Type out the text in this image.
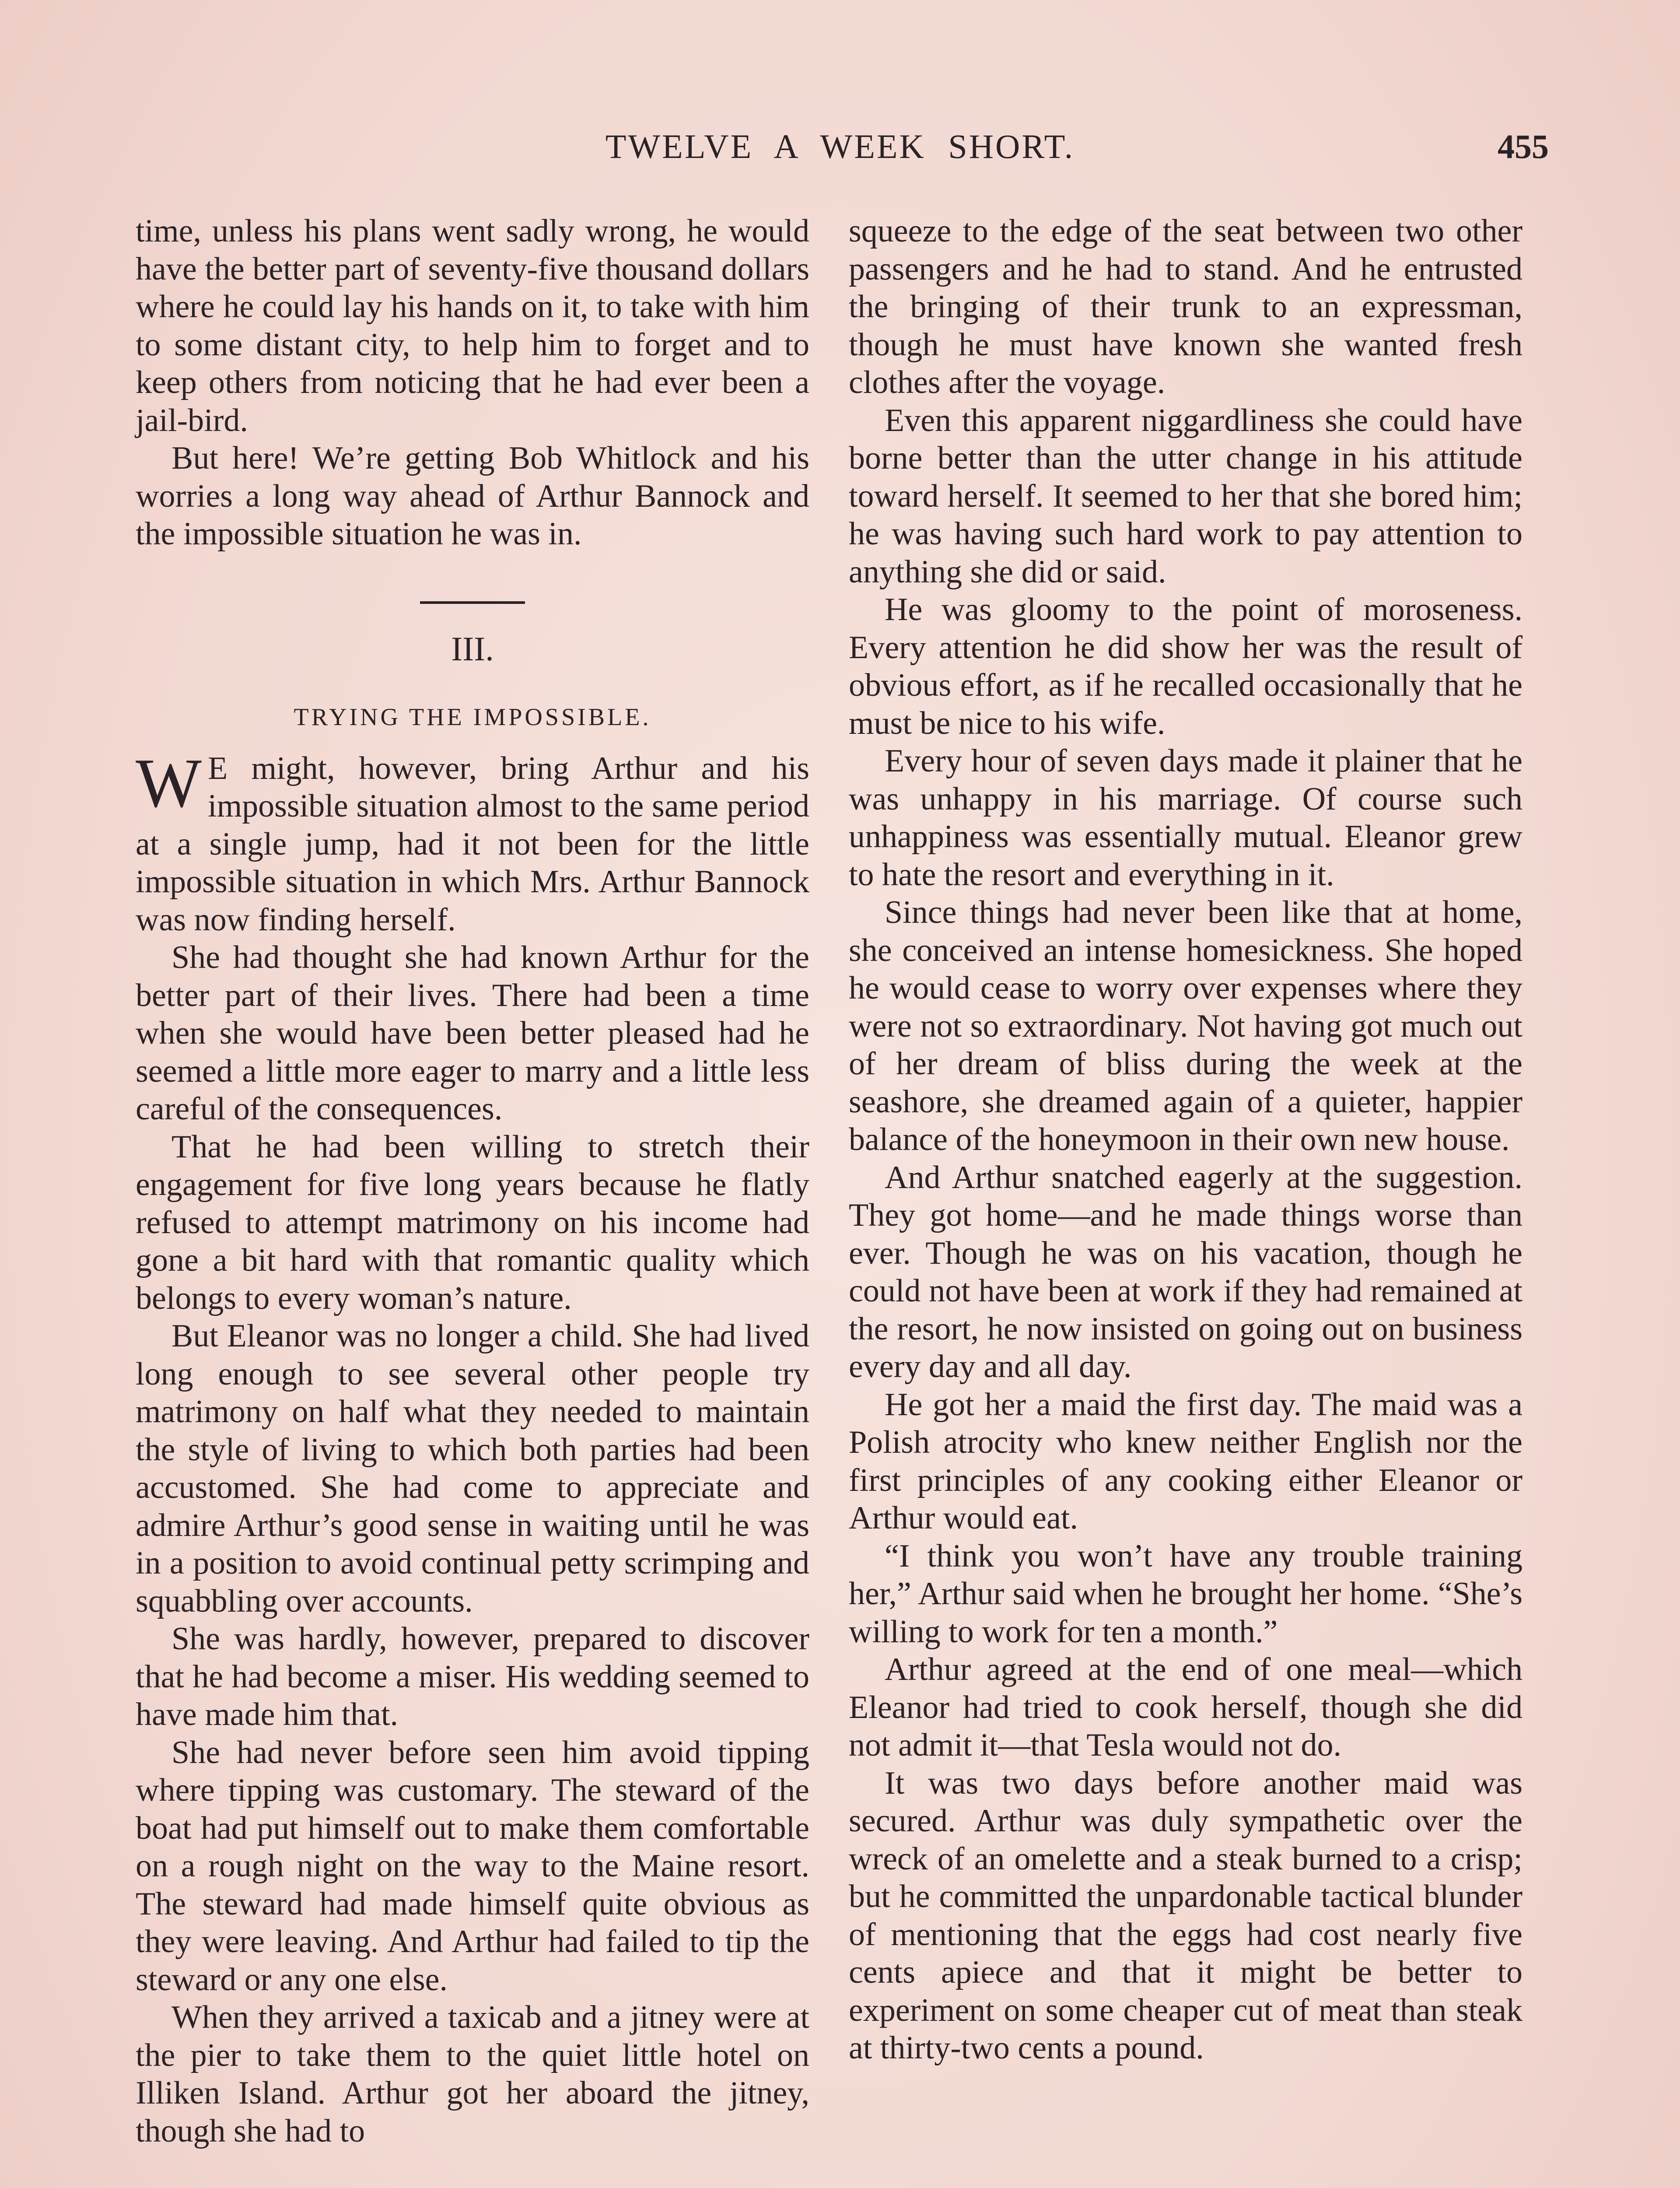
TWELVE A WEEK SHORT.	455

time, unless his plans went sadly wrong, he would have the better part of seventy-five thousand dollars where he could lay his hands on it, to take with him to some distant city, to help him to forget and to keep others from noticing that he had ever been a jail-bird.

But here! We’re getting Bob Whitlock and his worries a long way ahead of Arthur Bannock and the impossible situation he was in.

III.
TRYING THE IMPOSSIBLE.

W E might, however, bring Arthur and his impossible situation almost to the same period at a single jump, had it not been for the little impossible situation in which Mrs. Arthur Bannock was now finding herself.

She had thought she had known Arthur for the better part of their lives. There had been a time when she would have been better pleased had he seemed a little more eager to marry and a little less careful of the consequences.

That he had been willing to stretch their engagement for five long years because he flatly refused to attempt matrimony on his income had gone a bit hard with that romantic quality which belongs to every woman’s nature.

But Eleanor was no longer a child. She had lived long enough to see several other people try matrimony on half what they needed to maintain the style of living to which both parties had been accustomed. She had come to appreciate and admire Arthur’s good sense in waiting until he was in a position to avoid continual petty scrimping and squabbling over accounts.

She was hardly, however, prepared to discover that he had become a miser. His wedding seemed to have made him that.

She had never before seen him avoid tipping where tipping was customary. The steward of the boat had put himself out to make them comfortable on a rough night on the way to the Maine resort. The steward had made himself quite obvious as they were leaving. And Arthur had failed to tip the steward or any one else.

When they arrived a taxicab and a jitney were at the pier to take them to the quiet little hotel on Illiken Island. Arthur got her aboard the jitney, though she had to

squeeze to the edge of the seat between two other passengers and he had to stand. And he entrusted the bringing of their trunk to an expressman, though he must have known she wanted fresh clothes after the voyage.

Even this apparent niggardliness she could have borne better than the utter change in his attitude toward herself. It seemed to her that she bored him; he was having such hard work to pay attention to anything she did or said.

He was gloomy to the point of moroseness. Every attention he did show her was the result of obvious effort, as if he recalled occasionally that he must be nice to his wife.

Every hour of seven days made it plainer that he was unhappy in his marriage. Of course such unhappiness was essentially mutual. Eleanor grew to hate the resort and everything in it.

Since things had never been like that at home, she conceived an intense homesickness. She hoped he would cease to worry over expenses where they were not so extraordinary. Not having got much out of her dream of bliss during the week at the seashore, she dreamed again of a quieter, happier balance of the honeymoon in their own new house.

And Arthur snatched eagerly at the suggestion. They got home—and he made things worse than ever. Though he was on his vacation, though he could not have been at work if they had remained at the resort, he now insisted on going out on business every day and all day.

He got her a maid the first day. The maid was a Polish atrocity who knew neither English nor the first principles of any cooking either Eleanor or Arthur would eat.

“I think you won’t have any trouble training her,” Arthur said when he brought her home. “She’s willing to work for ten a month.”

Arthur agreed at the end of one meal—which Eleanor had tried to cook herself, though she did not admit it—that Tesla would not do.

It was two days before another maid was secured. Arthur was duly sympathetic over the wreck of an omelette and a steak burned to a crisp; but he committed the unpardonable tactical blunder of mentioning that the eggs had cost nearly five cents apiece and that it might be better to experiment on some cheaper cut of meat than steak at thirty-two cents a pound.
